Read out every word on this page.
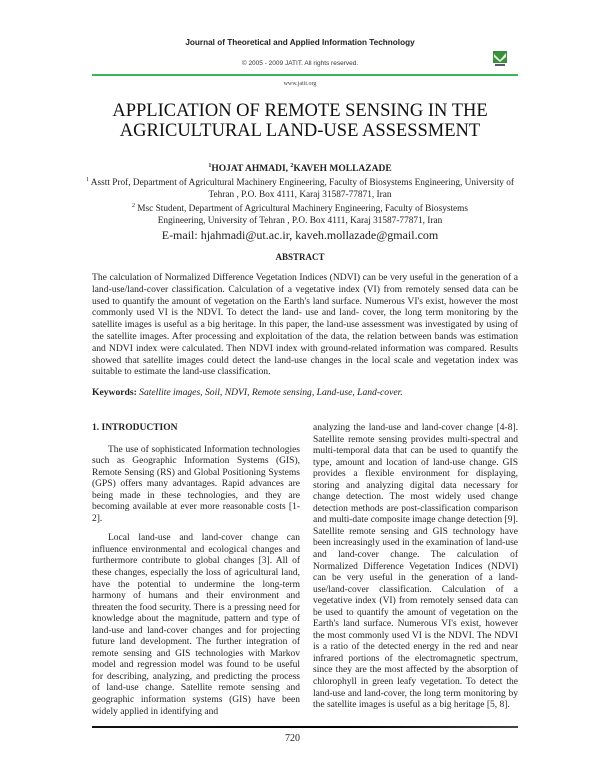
Journal of Theoretical and Applied Information Technology
© 2005 - 2009 JATIT. All rights reserved.
www.jatit.org
APPLICATION OF REMOTE SENSING IN THE
AGRICULTURAL LAND-USE ASSESSMENT
$^1$HOJAT AHMADI, $^2$KAVEH MOLLAZADE
$^1$ Asstt Prof, Department of Agricultural Machinery Engineering, Faculty of Biosystems Engineering, University of Tehran , P.O. Box 4111, Karaj 31587-77871, Iran
$^2$ Msc Student, Department of Agricultural Machinery Engineering, Faculty of Biosystems Engineering, University of Tehran , P.O. Box 4111, Karaj 31587-77871, Iran
E-mail: hjahmadi@ut.ac.ir, kaveh.mollazade@gmail.com
ABSTRACT
The calculation of Normalized Difference Vegetation Indices (NDVI) can be very useful in the generation of a land-use/land-cover classification. Calculation of a vegetative index (VI) from remotely sensed data can be used to quantify the amount of vegetation on the Earth's land surface. Numerous VI's exist, however the most commonly used VI is the NDVI. To detect the land- use and land- cover, the long term monitoring by the satellite images is useful as a big heritage. In this paper, the land-use assessment was investigated by using of the satellite images. After processing and exploitation of the data, the relation between bands was estimation and NDVI index were calculated. Then NDVI index with ground-related information was compared. Results showed that satellite images could detect the land-use changes in the local scale and vegetation index was suitable to estimate the land-use classification.
Keywords: Satellite images, Soil, NDVI, Remote sensing, Land-use, Land-cover.
1. INTRODUCTION

The use of sophisticated Information technologies such as Geographic Information Systems (GIS), Remote Sensing (RS) and Global Positioning Systems (GPS) offers many advantages. Rapid advances are being made in these technologies, and they are becoming available at ever more reasonable costs [1-2].

Local land-use and land-cover change can influence environmental and ecological changes and furthermore contribute to global changes [3]. All of these changes, especially the loss of agricultural land, have the potential to undermine the long-term harmony of humans and their environment and threaten the food security. There is a pressing need for knowledge about the magnitude, pattern and type of land-use and land-cover changes and for projecting future land development. The further integration of remote sensing and GIS technologies with Markov model and regression model was found to be useful for describing, analyzing, and predicting the process of land-use change. Satellite remote sensing and geographic information systems (GIS) have been widely applied in identifying and

analyzing the land-use and land-cover change [4-8]. Satellite remote sensing provides multi-spectral and multi-temporal data that can be used to quantify the type, amount and location of land-use change. GIS provides a flexible environment for displaying, storing and analyzing digital data necessary for change detection. The most widely used change detection methods are post-classification comparison and multi-date composite image change detection [9]. Satellite remote sensing and GIS technology have been increasingly used in the examination of land-use and land-cover change. The calculation of Normalized Difference Vegetation Indices (NDVI) can be very useful in the generation of a land-use/land-cover classification. Calculation of a vegetative index (VI) from remotely sensed data can be used to quantify the amount of vegetation on the Earth's land surface. Numerous VI's exist, however the most commonly used VI is the NDVI. The NDVI is a ratio of the detected energy in the red and near infrared portions of the electromagnetic spectrum, since they are the most affected by the absorption of chlorophyll in green leafy vegetation. To detect the land-use and land-cover, the long term monitoring by the satellite images is useful as a big heritage [5, 8].

720
